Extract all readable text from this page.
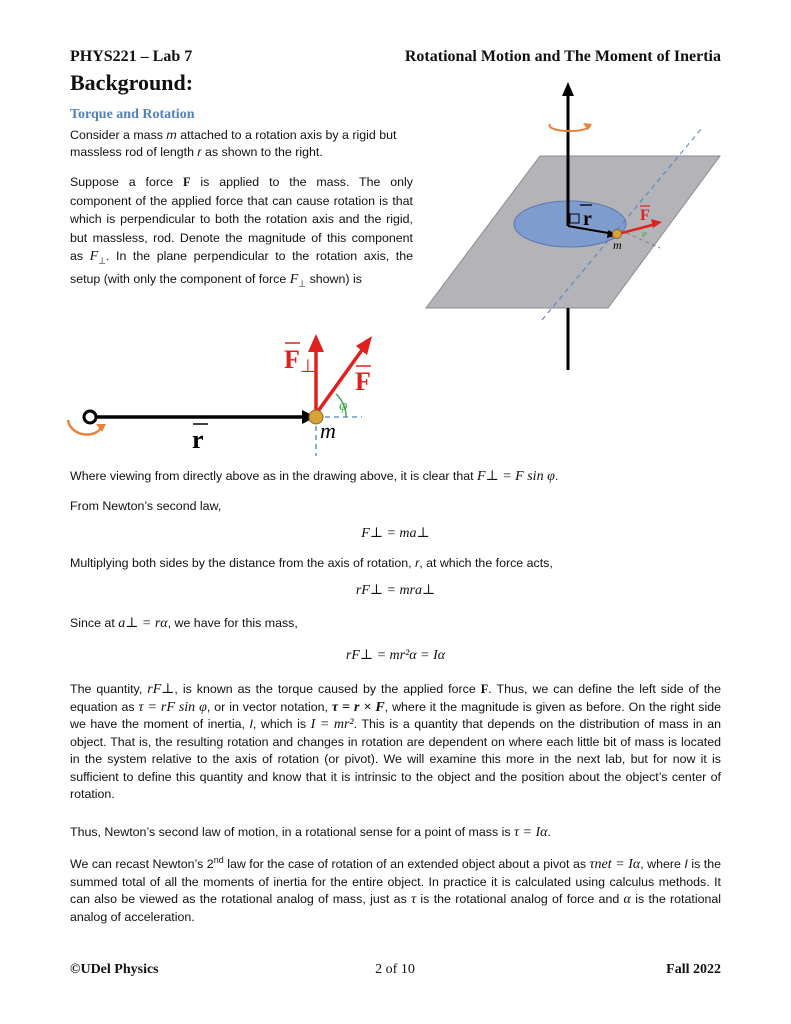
PHYS221 – Lab 7	Rotational Motion and The Moment of Inertia
Background:
Torque and Rotation
Consider a mass m attached to a rotation axis by a rigid but massless rod of length r as shown to the right.
Suppose a force F is applied to the mass. The only component of the applied force that can cause rotation is that which is perpendicular to both the rotation axis and the rigid, but massless, rod. Denote the magnitude of this component as $F_\perp$. In the plane perpendicular to the rotation axis, the setup (with only the component of force $F_\perp$ shown) is
r	F
m
φ
r
F ⊥
F
φ
m
Where viewing from directly above as in the drawing above, it is clear that F⊥ = F sin φ.
From Newton’s second law,
F⊥ = ma⊥
Multiplying both sides by the distance from the axis of rotation, r, at which the force acts,
rF⊥ = mra⊥
Since at a⊥ = rα, we have for this mass,
rF⊥ = mr²α = Iα
The quantity, rF⊥, is known as the torque caused by the applied force F. Thus, we can define the left side of the equation as τ = rF sin φ, or in vector notation, τ = r × F, where it the magnitude is given as before. On the right side we have the moment of inertia, I, which is I = mr². This is a quantity that depends on the distribution of mass in an object. That is, the resulting rotation and changes in rotation are dependent on where each little bit of mass is located in the system relative to the axis of rotation (or pivot). We will examine this more in the next lab, but for now it is sufficient to define this quantity and know that it is intrinsic to the object and the position about the object’s center of rotation.
Thus, Newton’s second law of motion, in a rotational sense for a point of mass is τ = Iα.
We can recast Newton’s 2nd law for the case of rotation of an extended object about a pivot as τnet = Iα, where I is the summed total of all the moments of inertia for the entire object. In practice it is calculated using calculus methods. It can also be viewed as the rotational analog of mass, just as τ is the rotational analog of force and α is the rotational analog of acceleration.
©UDel Physics	2 of 10	Fall 2022
